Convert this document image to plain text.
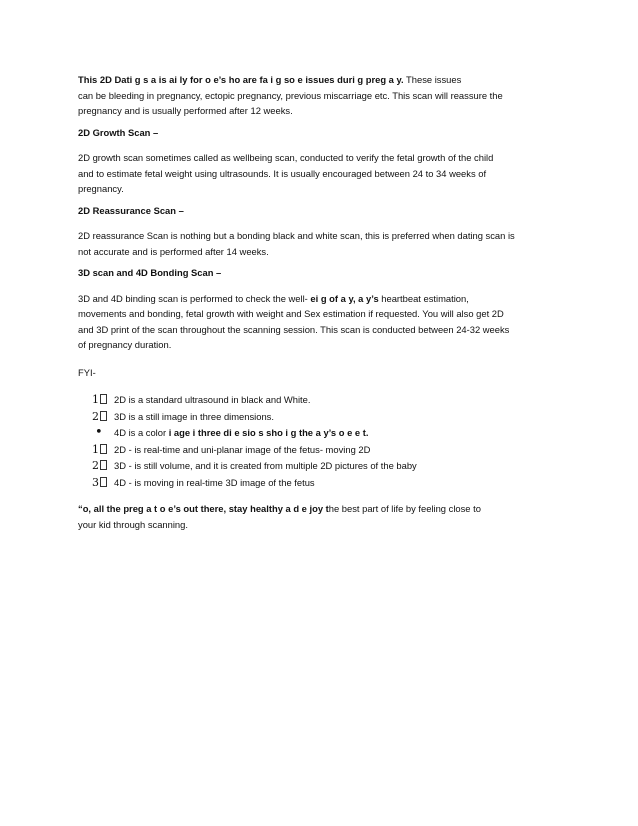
This 2D Dati g s a is ai ly for o e’s ho are fa i g so e issues duri g preg a y. These issues
can be bleeding in pregnancy, ectopic pregnancy, previous miscarriage etc. This scan will reassure the
pregnancy and is usually performed after 12 weeks.

2D Growth Scan –

2D growth scan sometimes called as wellbeing scan, conducted to verify the fetal growth of the child
and to estimate fetal weight using ultrasounds. It is usually encouraged between 24 to 34 weeks of
pregnancy.

2D Reassurance Scan –

2D reassurance Scan is nothing but a bonding black and white scan, this is preferred when dating scan is
not accurate and is performed after 14 weeks.

3D scan and 4D Bonding Scan –

3D and 4D binding scan is performed to check the well- ei g of a y, a y’s heartbeat estimation,
movements and bonding, fetal growth with weight and Sex estimation if requested. You will also get 2D
and 3D print of the scan throughout the scanning session. This scan is conducted between 24-32 weeks
of pregnancy duration.

FYI-

1	2D is a standard ultrasound in black and White.
2	3D is a still image in three dimensions.
•	4D is a color i age i three di e sio s sho i g the a y’s o e e t.
1	2D - is real-time and uni-planar image of the fetus- moving 2D
2	3D - is still volume, and it is created from multiple 2D pictures of the baby
3	4D - is moving in real-time 3D image of the fetus

“o, all the preg a t o e’s out there, stay healthy a d e joy the best part of life by feeling close to
your kid through scanning.
